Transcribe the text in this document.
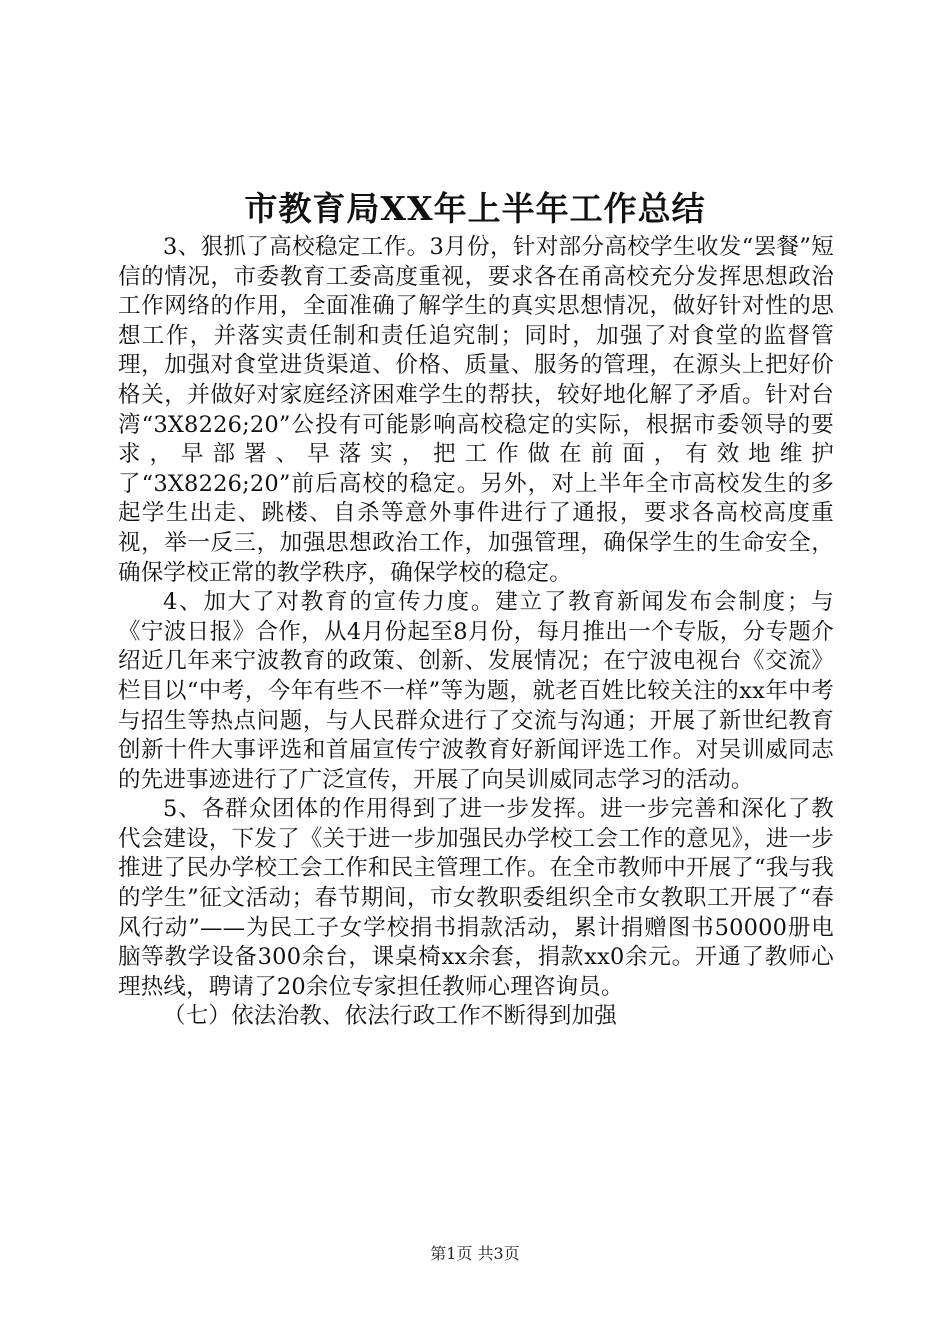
市教育局XX年上半年工作总结

3、狠抓了高校稳定工作。3月份，针对部分高校学生收发“罢餐”短信的情况，市委教育工委高度重视，要求各在甬高校充分发挥思想政治工作网络的作用，全面准确了解学生的真实思想情况，做好针对性的思想工作，并落实责任制和责任追究制；同时，加强了对食堂的监督管理，加强对食堂进货渠道、价格、质量、服务的管理，在源头上把好价格关，并做好对家庭经济困难学生的帮扶，较好地化解了矛盾。针对台湾“3X8226;20”公投有可能影响高校稳定的实际，根据市委领导的要求，早部署、早落实，把工作做在前面，有效地维护了“3X8226;20”前后高校的稳定。另外，对上半年全市高校发生的多起学生出走、跳楼、自杀等意外事件进行了通报，要求各高校高度重视，举一反三，加强思想政治工作，加强管理，确保学生的生命安全，确保学校正常的教学秩序，确保学校的稳定。

4、加大了对教育的宣传力度。建立了教育新闻发布会制度；与《宁波日报》合作，从4月份起至8月份，每月推出一个专版，分专题介绍近几年来宁波教育的政策、创新、发展情况；在宁波电视台《交流》栏目以“中考，今年有些不一样”等为题，就老百姓比较关注的xx年中考与招生等热点问题，与人民群众进行了交流与沟通；开展了新世纪教育创新十件大事评选和首届宣传宁波教育好新闻评选工作。对吴训威同志的先进事迹进行了广泛宣传，开展了向吴训威同志学习的活动。

5、各群众团体的作用得到了进一步发挥。进一步完善和深化了教代会建设，下发了《关于进一步加强民办学校工会工作的意见》，进一步推进了民办学校工会工作和民主管理工作。在全市教师中开展了“我与我的学生”征文活动；春节期间，市女教职委组织全市女教职工开展了“春风行动”——为民工子女学校捐书捐款活动，累计捐赠图书50000册电脑等教学设备300余台，课桌椅xx余套，捐款xx0余元。开通了教师心理热线，聘请了20余位专家担任教师心理咨询员。

（七）依法治教、依法行政工作不断得到加强

第1页 共3页
